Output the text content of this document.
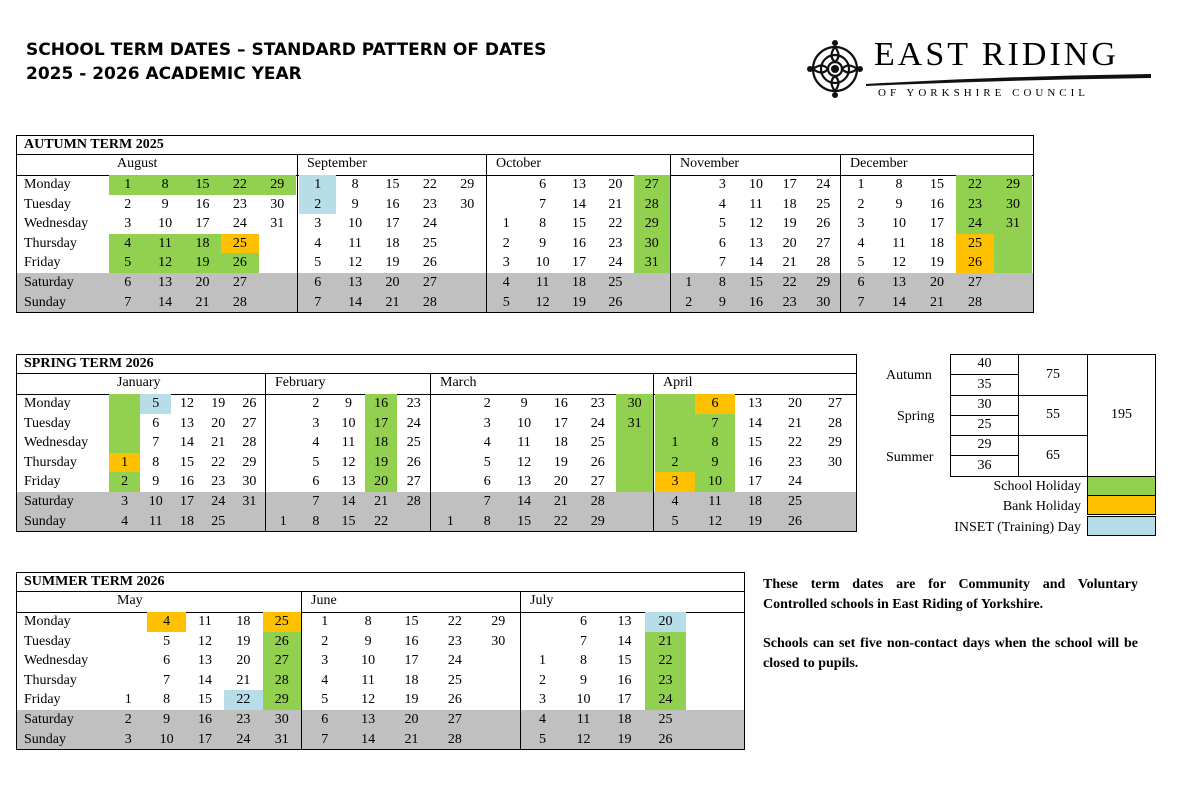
SCHOOL TERM DATES – STANDARD PATTERN OF DATES
2025 - 2026 ACADEMIC YEAR
EAST RIDING
OF YORKSHIRE COUNCIL
AUTUMN TERM 2025
Monday
Tuesday
Wednesday
Thursday
Friday
Saturday
Sunday
August
1
2
3
4
5
6
7
8
9
10
11
12
13
14
15
16
17
18
19
20
21
22
23
24
25
26
27
28
29
30
31
September
1
2
3
4
5
6
7
8
9
10
11
12
13
14
15
16
17
18
19
20
21
22
23
24
25
26
27
28
29
30
October
1
2
3
4
5
6
7
8
9
10
11
12
13
14
15
16
17
18
19
20
21
22
23
24
25
26
27
28
29
30
31
November
1
2
3
4
5
6
7
8
9
10
11
12
13
14
15
16
17
18
19
20
21
22
23
24
25
26
27
28
29
30
December
1
2
3
4
5
6
7
8
9
10
11
12
13
14
15
16
17
18
19
20
21
22
23
24
25
26
27
28
29
30
31
SPRING TERM 2026
Monday
Tuesday
Wednesday
Thursday
Friday
Saturday
Sunday
January
1
2
3
4
5
6
7
8
9
10
11
12
13
14
15
16
17
18
19
20
21
22
23
24
25
26
27
28
29
30
31
February
1
2
3
4
5
6
7
8
9
10
11
12
13
14
15
16
17
18
19
20
21
22
23
24
25
26
27
28
March
1
2
3
4
5
6
7
8
9
10
11
12
13
14
15
16
17
18
19
20
21
22
23
24
25
26
27
28
29
30
31
April
1
2
3
4
5
6
7
8
9
10
11
12
13
14
15
16
17
18
19
20
21
22
23
24
25
26
27
28
29
30
SUMMER TERM 2026
Monday
Tuesday
Wednesday
Thursday
Friday
Saturday
Sunday
May
1
2
3
4
5
6
7
8
9
10
11
12
13
14
15
16
17
18
19
20
21
22
23
24
25
26
27
28
29
30
31
June
1
2
3
4
5
6
7
8
9
10
11
12
13
14
15
16
17
18
19
20
21
22
23
24
25
26
27
28
29
30
July
1
2
3
4
5
6
7
8
9
10
11
12
13
14
15
16
17
18
19
20
21
22
23
24
25
26
Autumn
Spring
Summer
40
35
30
25
29
36
75
55
65
195
School Holiday
Bank Holiday
INSET (Training) Day
These term dates are for Community and Voluntary Controlled schools in East Riding of Yorkshire.
Schools can set five non-contact days when the school will be closed to pupils.
